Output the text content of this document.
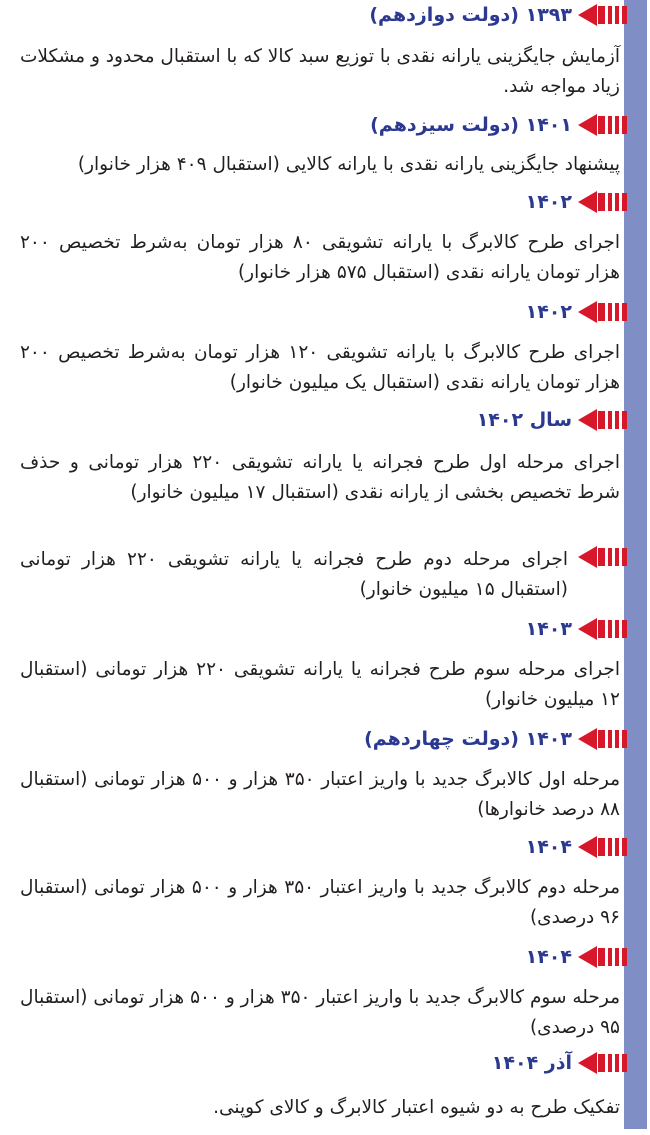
۱۳۹۳ (دولت دوازدهم)
آزمایش جایگزینی یارانه نقدی با توزیع سبد کالا که با استقبال محدود و مشکلات زیاد مواجه شد.
۱۴۰۱ (دولت سیزدهم)
پیشنهاد جایگزینی یارانه نقدی با یارانه کالایی (استقبال ۴۰۹ هزار خانوار)
۱۴۰۲
اجرای طرح کالابرگ با یارانه تشویقی ۸۰ هزار تومان به‌شرط تخصیص ۲۰۰ هزار تومان یارانه نقدی (استقبال ۵۷۵ هزار خانوار)
۱۴۰۲
اجرای طرح کالابرگ با یارانه تشویقی ۱۲۰ هزار تومان به‌شرط تخصیص ۲۰۰ هزار تومان یارانه نقدی (استقبال یک میلیون خانوار)
سال ۱۴۰۲
اجرای مرحله اول طرح فجرانه یا یارانه تشویقی ۲۲۰ هزار تومانی و حذف شرط تخصیص بخشی از یارانه نقدی (استقبال ۱۷ میلیون خانوار)
اجرای مرحله دوم طرح فجرانه یا یارانه تشویقی ۲۲۰ هزار تومانی (استقبال ۱۵ میلیون خانوار)
۱۴۰۳
اجرای مرحله سوم طرح فجرانه یا یارانه تشویقی ۲۲۰ هزار تومانی (استقبال ۱۲ میلیون خانوار)
۱۴۰۳ (دولت چهاردهم)
مرحله اول کالابرگ جدید با واریز اعتبار ۳۵۰ هزار و ۵۰۰ هزار تومانی (استقبال ۸۸ درصد خانوارها)
۱۴۰۴
مرحله دوم کالابرگ جدید با واریز اعتبار ۳۵۰ هزار و ۵۰۰ هزار تومانی (استقبال ۹۶ درصدی)
۱۴۰۴
مرحله سوم کالابرگ جدید با واریز اعتبار ۳۵۰ هزار و ۵۰۰ هزار تومانی (استقبال ۹۵ درصدی)
آذر ۱۴۰۴
تفکیک طرح به دو شیوه اعتبار کالابرگ و کالای کوپنی.
